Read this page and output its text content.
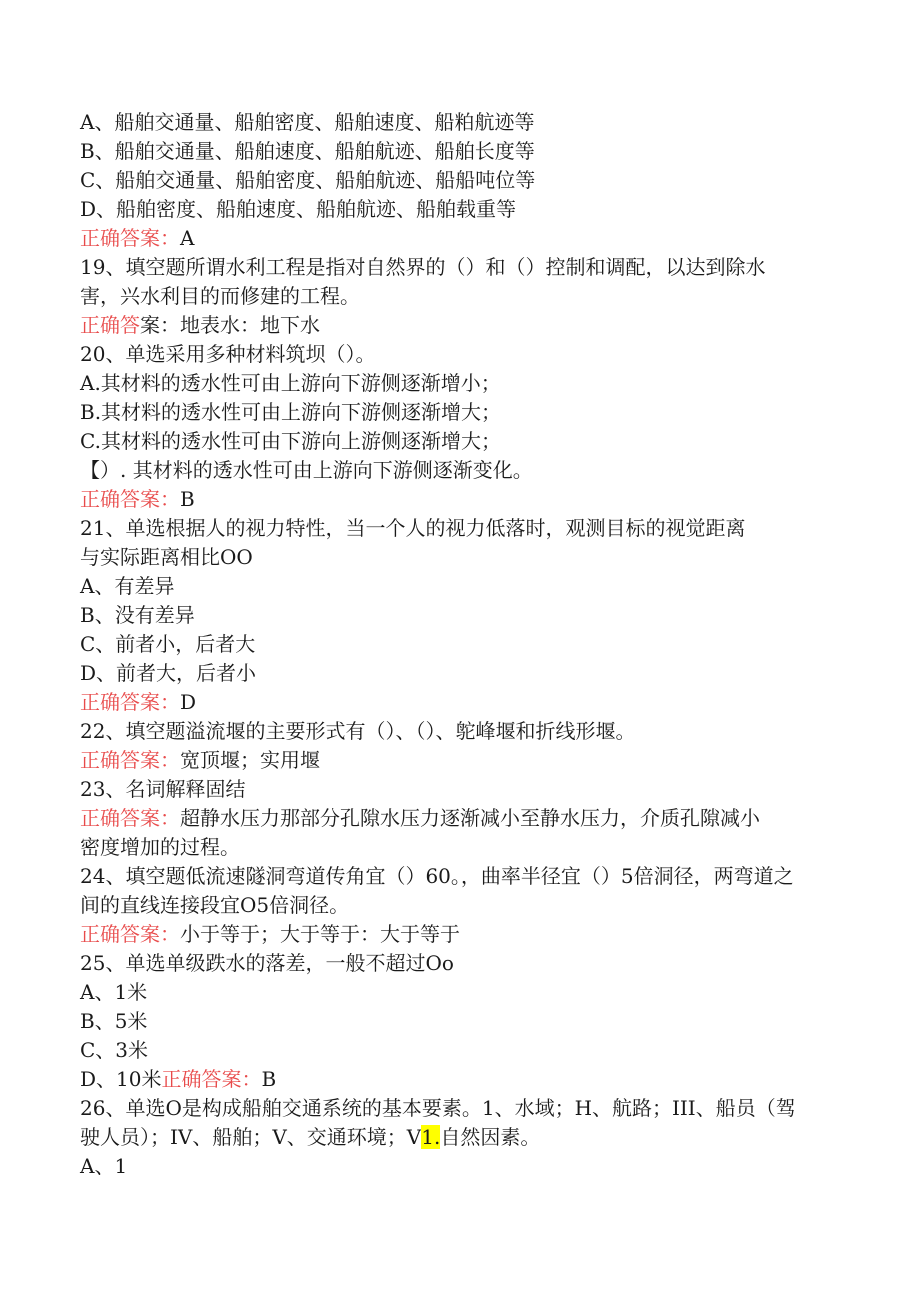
A、船舶交通量、船舶密度、船舶速度、船粕航迹等
B、船舶交通量、船舶速度、船舶航迹、船舶长度等
C、船舶交通量、船舶密度、船舶航迹、船船吨位等
D、船舶密度、船舶速度、船舶航迹、船舶载重等
正确答案：A
19、填空题所谓水利工程是指对自然界的（）和（）控制和调配，以达到除水
害，兴水利目的而修建的工程。
正确答案：地表水：地下水
20、单选采用多种材料筑坝（）。
A.其材料的透水性可由上游向下游侧逐渐增小；
B.其材料的透水性可由上游向下游侧逐渐增大；
C.其材料的透水性可由下游向上游侧逐渐增大；
【）. 其材料的透水性可由上游向下游侧逐渐变化。
正确答案：B
21、单选根据人的视力特性，当一个人的视力低落时，观测目标的视觉距离
与实际距离相比OO
A、有差异
B、没有差异
C、前者小，后者大
D、前者大，后者小
正确答案：D
22、填空题溢流堰的主要形式有（）、（）、鸵峰堰和折线形堰。
正确答案：宽顶堰；实用堰
23、名词解释固结
正确答案：超静水压力那部分孔隙水压力逐渐减小至静水压力，介质孔隙减小
密度增加的过程。
24、填空题低流速隧洞弯道传角宜（）60。，曲率半径宜（）5倍洞径，两弯道之
间的直线连接段宜O5倍洞径。
正确答案：小于等于；大于等于：大于等于
25、单选单级跌水的落差，一般不超过Oo
A、1米
B、5米
C、3米
D、10米正确答案：B
26、单选O是构成船舶交通系统的基本要素。1、水域；H、航路；III、船员（驾
驶人员）；IV、船舶；V、交通环境；V1.自然因素。
A、1
